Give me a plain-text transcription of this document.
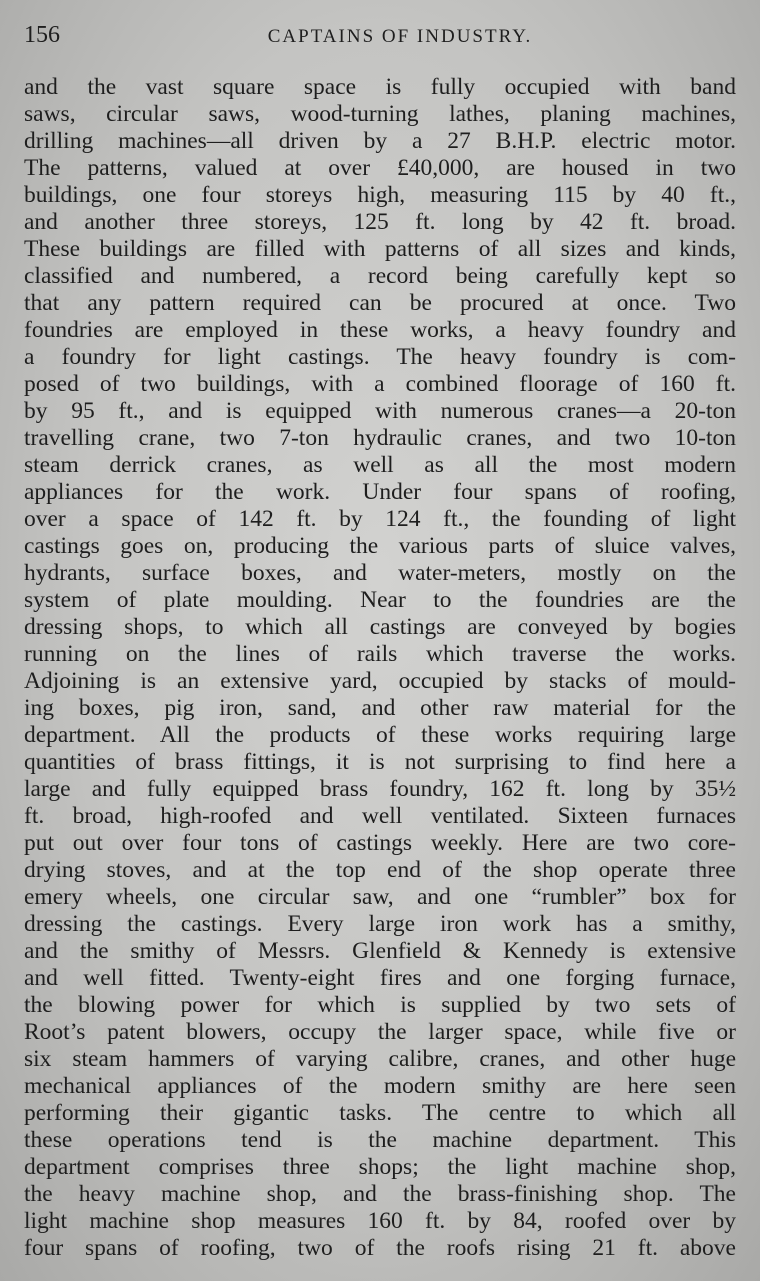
156	CAPTAINS OF INDUSTRY.
and the vast square space is fully occupied with band
saws, circular saws, wood-turning lathes, planing machines,
drilling machines—all driven by a 27 B.H.P. electric motor.
The patterns, valued at over £40,000, are housed in two
buildings, one four storeys high, measuring 115 by 40 ft.,
and another three storeys, 125 ft. long by 42 ft. broad.
These buildings are filled with patterns of all sizes and kinds,
classified and numbered, a record being carefully kept so
that any pattern required can be procured at once. Two
foundries are employed in these works, a heavy foundry and
a foundry for light castings. The heavy foundry is com-
posed of two buildings, with a combined floorage of 160 ft.
by 95 ft., and is equipped with numerous cranes—a 20-ton
travelling crane, two 7-ton hydraulic cranes, and two 10-ton
steam derrick cranes, as well as all the most modern
appliances for the work. Under four spans of roofing,
over a space of 142 ft. by 124 ft., the founding of light
castings goes on, producing the various parts of sluice valves,
hydrants, surface boxes, and water-meters, mostly on the
system of plate moulding. Near to the foundries are the
dressing shops, to which all castings are conveyed by bogies
running on the lines of rails which traverse the works.
Adjoining is an extensive yard, occupied by stacks of mould-
ing boxes, pig iron, sand, and other raw material for the
department. All the products of these works requiring large
quantities of brass fittings, it is not surprising to find here a
large and fully equipped brass foundry, 162 ft. long by 35½
ft. broad, high-roofed and well ventilated. Sixteen furnaces
put out over four tons of castings weekly. Here are two core-
drying stoves, and at the top end of the shop operate three
emery wheels, one circular saw, and one “rumbler” box for
dressing the castings. Every large iron work has a smithy,
and the smithy of Messrs. Glenfield & Kennedy is extensive
and well fitted. Twenty-eight fires and one forging furnace,
the blowing power for which is supplied by two sets of
Root’s patent blowers, occupy the larger space, while five or
six steam hammers of varying calibre, cranes, and other huge
mechanical appliances of the modern smithy are here seen
performing their gigantic tasks. The centre to which all
these operations tend is the machine department. This
department comprises three shops; the light machine shop,
the heavy machine shop, and the brass-finishing shop. The
light machine shop measures 160 ft. by 84, roofed over by
four spans of roofing, two of the roofs rising 21 ft. above
